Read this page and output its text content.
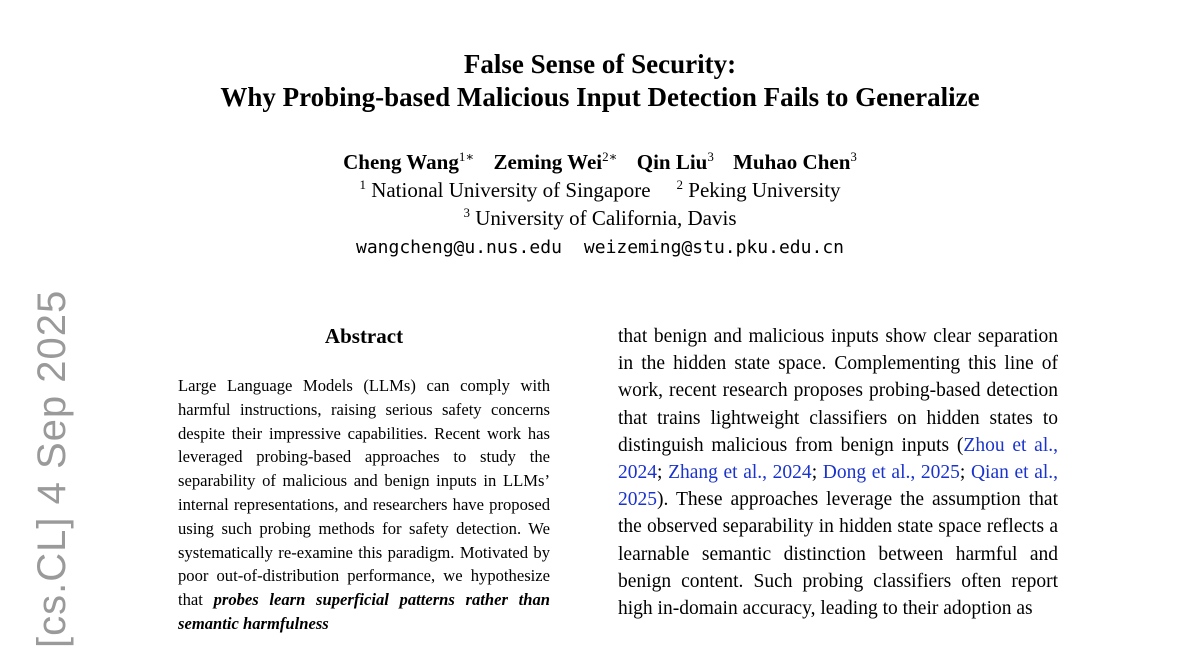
[cs.CL] 4 Sep 2025
False Sense of Security:
Why Probing-based Malicious Input Detection Fails to Generalize
Cheng Wang$^{1∗}$ Zeming Wei$^{2∗}$ Qin Liu$^3$ Muhao Chen$^3$
$^1$ National University of Singapore $^2$ Peking University
$^3$ University of California, Davis
wangcheng@u.nus.edu weizeming@stu.pku.edu.cn
Abstract
Large Language Models (LLMs) can comply with harmful instructions, raising serious safety concerns despite their impressive capabilities. Recent work has leveraged probing-based approaches to study the separability of malicious and benign inputs in LLMs’ internal representations, and researchers have proposed using such probing methods for safety detection. We systematically re-examine this paradigm. Motivated by poor out-of-distribution performance, we hypothesize that probes learn superficial patterns rather than semantic harmfulness
that benign and malicious inputs show clear separation in the hidden state space. Complementing this line of work, recent research proposes probing-based detection that trains lightweight classifiers on hidden states to distinguish malicious from benign inputs (Zhou et al., 2024; Zhang et al., 2024; Dong et al., 2025; Qian et al., 2025). These approaches leverage the assumption that the observed separability in hidden state space reflects a learnable semantic distinction between harmful and benign content. Such probing classifiers often report high in-domain accuracy, leading to their adoption as
